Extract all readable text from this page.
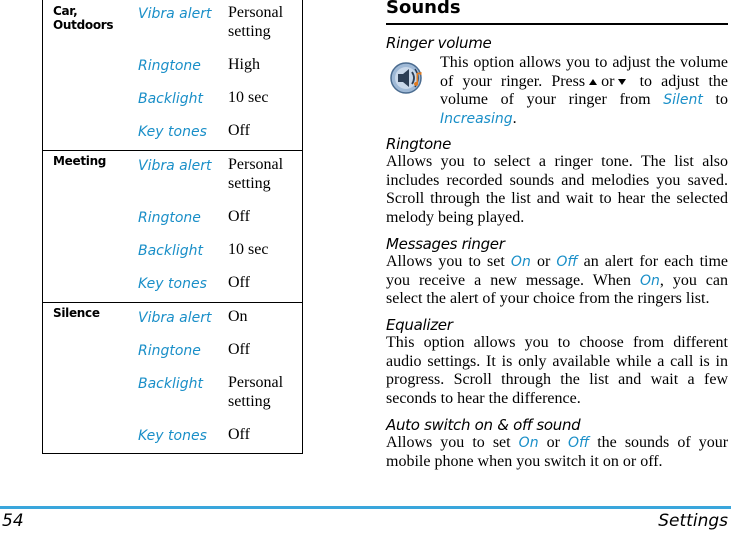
Car,
Outdoors
Vibra alert Personal
setting
Ringtone High
Backlight 10 sec
Key tones Off
Meeting Vibra alert Personal
setting
Ringtone Off
Backlight 10 sec
Key tones Off
Silence	Vibra alert On
Ringtone Off
Backlight Personal
setting
Key tones Off
Sounds
Ringer volume
This option allows you to adjust the volume of your ringer. Press or to adjust the volume of your ringer from Silent to Increasing.
Ringtone
Allows you to select a ringer tone. The list also includes recorded sounds and melodies you saved. Scroll through the list and wait to hear the selected melody being played.
Messages ringer
Allows you to set On or Off an alert for each time you receive a new message. When On, you can select the alert of your choice from the ringers list.
Equalizer
This option allows you to choose from different audio settings. It is only available while a call is in progress. Scroll through the list and wait a few seconds to hear the difference.
Auto switch on & off sound
Allows you to set On or Off the sounds of your mobile phone when you switch it on or off.
54	Settings
